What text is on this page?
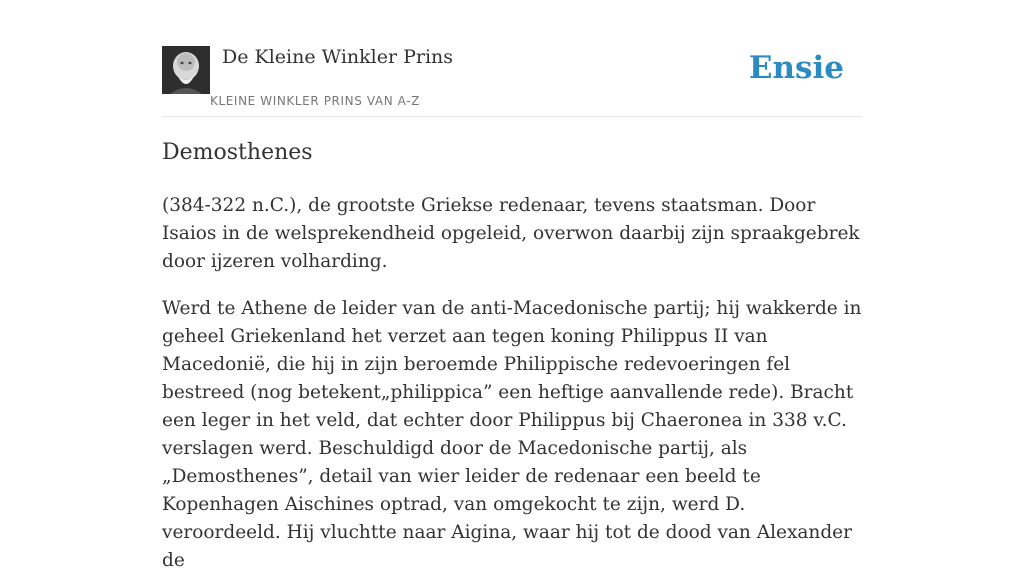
De Kleine Winkler Prins
KLEINE WINKLER PRINS VAN A-Z
Ensie
Demosthenes

(384-322 n.C.), de grootste Griekse redenaar, tevens staatsman. Door Isaios in de welsprekendheid opgeleid, overwon daarbij zijn spraakgebrek door ijzeren volharding.

Werd te Athene de leider van de anti-Macedonische partij; hij wakkerde in geheel Griekenland het verzet aan tegen koning Philippus II van Macedonië, die hij in zijn beroemde Philippische redevoeringen fel bestreed (nog betekent„philippica” een heftige aanvallende rede). Bracht een leger in het veld, dat echter door Philippus bij Chaeronea in 338 v.C. verslagen werd. Beschuldigd door de Macedonische partij, als „Demosthenes”, detail van wier leider de redenaar een beeld te Kopenhagen Aischines optrad, van omgekocht te zijn, werd D. veroordeeld. Hij vluchtte naar Aigina, waar hij tot de dood van Alexander de
